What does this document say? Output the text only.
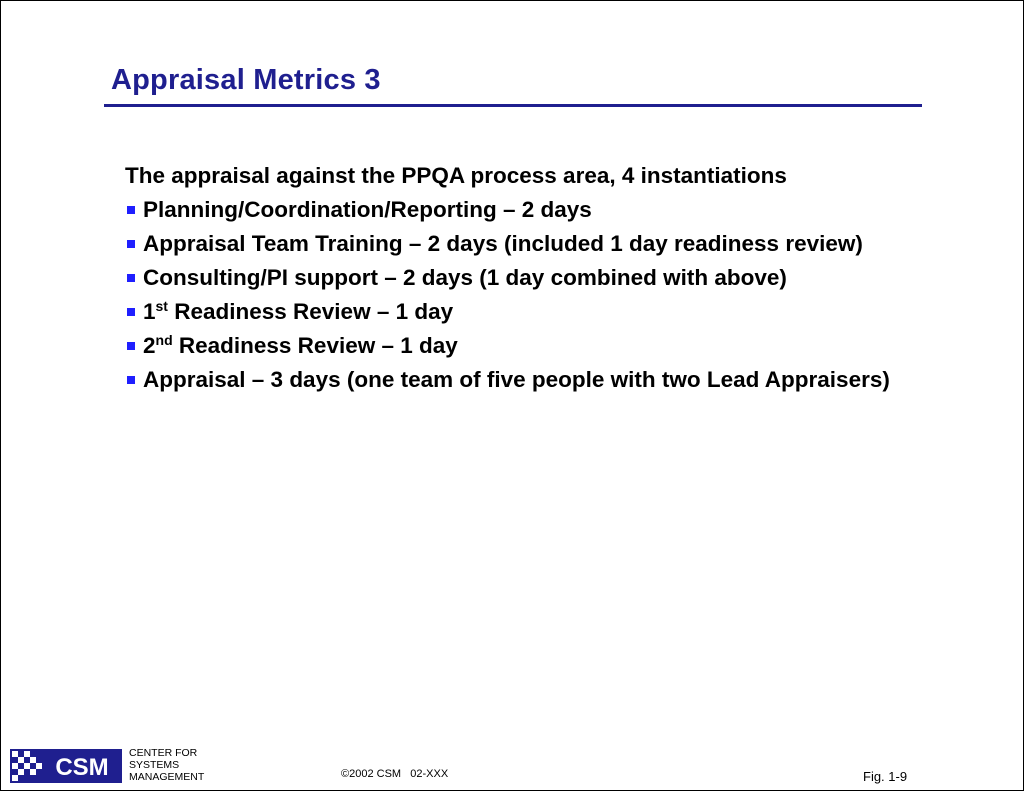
Appraisal Metrics 3
The appraisal against the PPQA process area, 4 instantiations
Planning/Coordination/Reporting – 2 days
Appraisal Team Training – 2 days (included 1 day readiness review)
Consulting/PI support – 2 days (1 day combined with above)
1st Readiness Review – 1 day
2nd Readiness Review – 1 day
Appraisal – 3 days (one team of five people with two Lead Appraisers)
CSM
CENTER FOR
SYSTEMS
MANAGEMENT	©2002 CSM   02-XXX	Fig. 1-9
